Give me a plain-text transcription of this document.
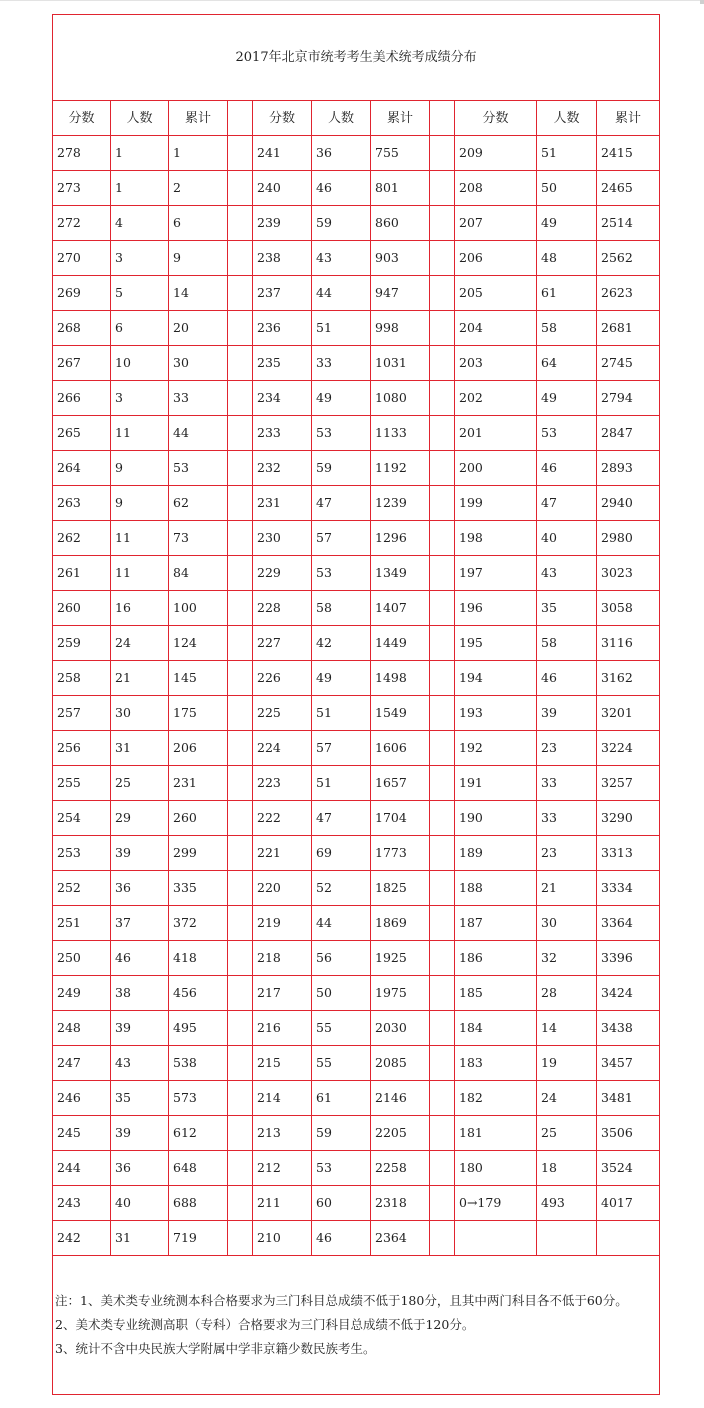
2017年北京市统考考生美术统考成绩分布										
分数	人数	累计		分数	人数	累计		分数	人数	累计
278	1	1		241	36	755		209	51	2415
273	1	2		240	46	801		208	50	2465
272	4	6		239	59	860		207	49	2514
270	3	9		238	43	903		206	48	2562
269	5	14		237	44	947		205	61	2623
268	6	20		236	51	998		204	58	2681
267	10	30		235	33	1031		203	64	2745
266	3	33		234	49	1080		202	49	2794
265	11	44		233	53	1133		201	53	2847
264	9	53		232	59	1192		200	46	2893
263	9	62		231	47	1239		199	47	2940
262	11	73		230	57	1296		198	40	2980
261	11	84		229	53	1349		197	43	3023
260	16	100		228	58	1407		196	35	3058
259	24	124		227	42	1449		195	58	3116
258	21	145		226	49	1498		194	46	3162
257	30	175		225	51	1549		193	39	3201
256	31	206		224	57	1606		192	23	3224
255	25	231		223	51	1657		191	33	3257
254	29	260		222	47	1704		190	33	3290
253	39	299		221	69	1773		189	23	3313
252	36	335		220	52	1825		188	21	3334
251	37	372		219	44	1869		187	30	3364
250	46	418		218	56	1925		186	32	3396
249	38	456		217	50	1975		185	28	3424
248	39	495		216	55	2030		184	14	3438
247	43	538		215	55	2085		183	19	3457
246	35	573		214	61	2146		182	24	3481
245	39	612		213	59	2205		181	25	3506
244	36	648		212	53	2258		180	18	3524
243	40	688		211	60	2318		0→179	493	4017
242	31	719		210	46	2364				

注：1、美术类专业统测本科合格要求为三门科目总成绩不低于180分，且其中两门科目各不低于60分。
2、美术类专业统测高职（专科）合格要求为三门科目总成绩不低于120分。
3、统计不含中央民族大学附属中学非京籍少数民族考生。										
